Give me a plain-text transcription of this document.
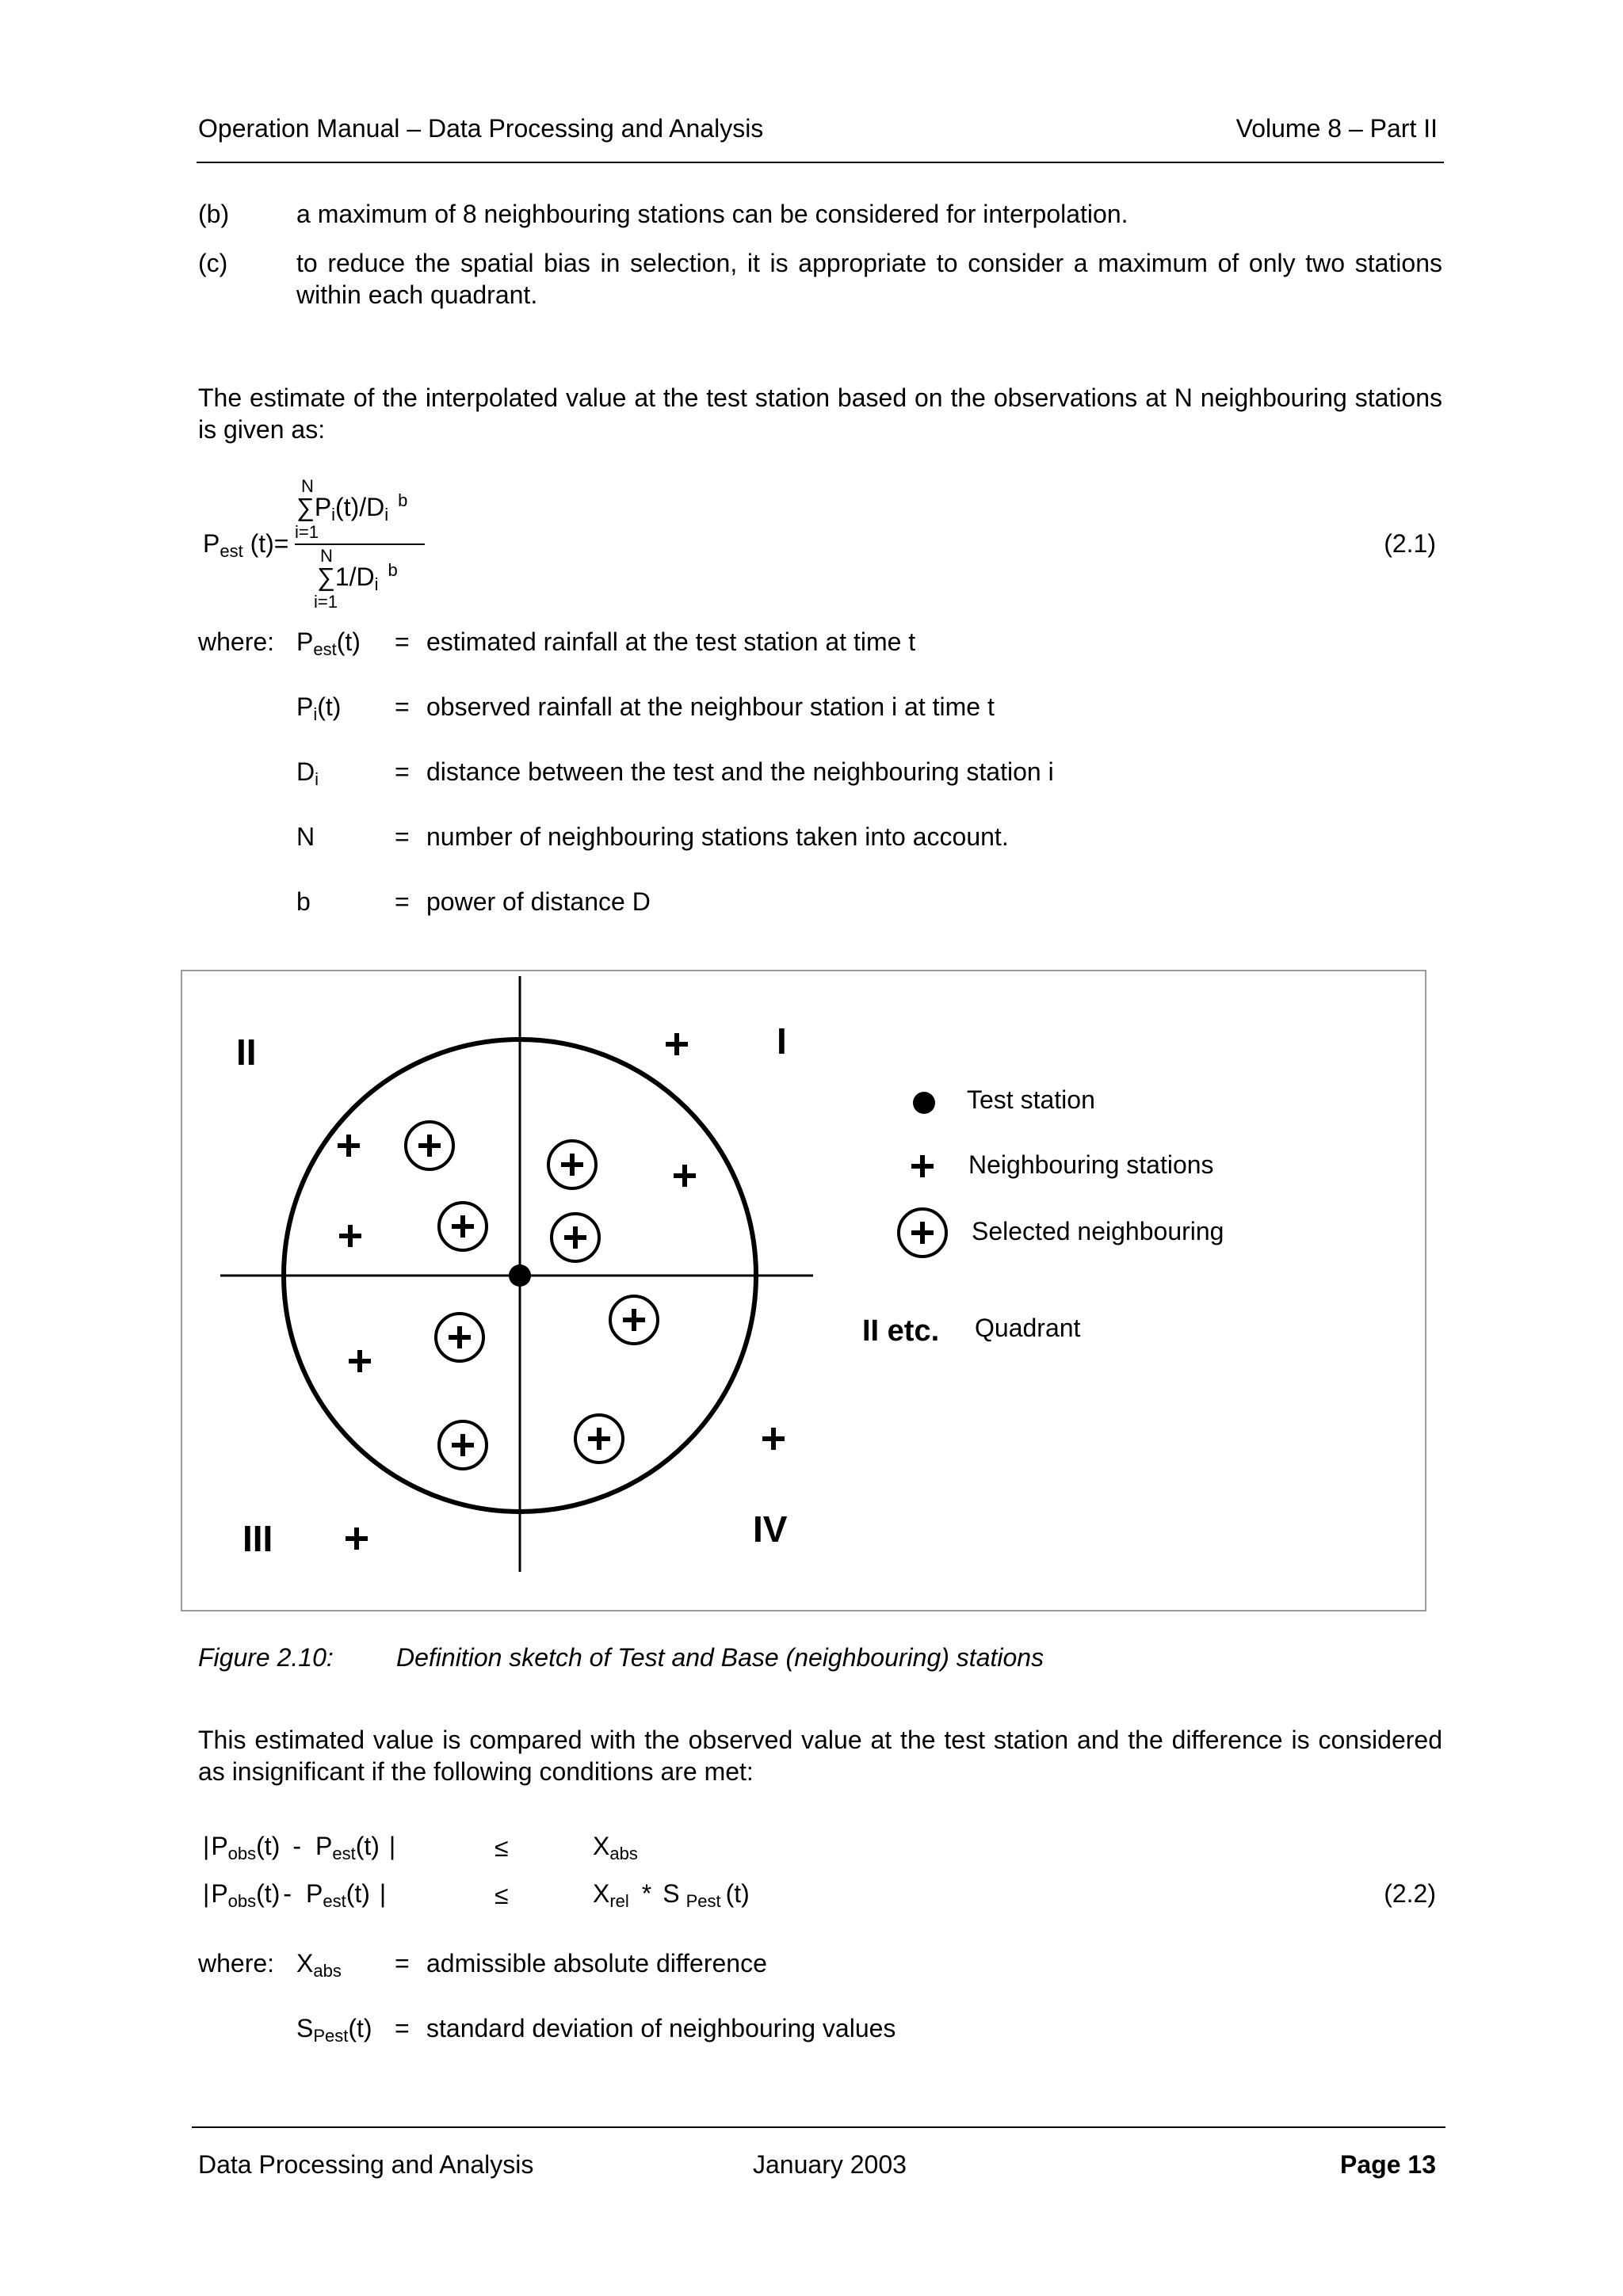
Operation Manual – Data Processing and Analysis	Volume 8 – Part II
(b)	a maximum of 8 neighbouring stations can be considered for interpolation.
(c)	to reduce the spatial bias in selection, it is appropriate to consider a maximum of only two stations within each quadrant.
The estimate of the interpolated value at the test station based on the observations at N neighbouring stations is given as:
N
$\sum P_i(t)/D_i^b$
i=1
$P_{est}$ (t)= N
$\sum 1/D_i^b$
i=1
(2.1)
where: $P_{est}(t)$ = estimated rainfall at the test station at time t
$P_i(t)$ = observed rainfall at the neighbour station i at time t
$D_i$	= distance between the test and the neighbouring station i
N	= number of neighbouring stations taken into account.
b	= power of distance D
II	I
III	IV
Test station
Neighbouring stations
Selected neighbouring
II etc. Quadrant
Figure 2.10: Definition sketch of Test and Base (neighbouring) stations
This estimated value is compared with the observed value at the test station and the difference is considered as insignificant if the following conditions are met:
$|P_{obs}(t) - P_{est}(t)$ |	≤	$X_{abs}$
$|P_{obs}(t) - P_{est}(t)$ |	≤	$X_{rel}$ * S $_{Pest}$ (t)	(2.2)
where: $X_{abs}$ = admissible absolute difference
$S_{Pest}(t)$ = standard deviation of neighbouring values
Data Processing and Analysis	January 2003	Page 13
